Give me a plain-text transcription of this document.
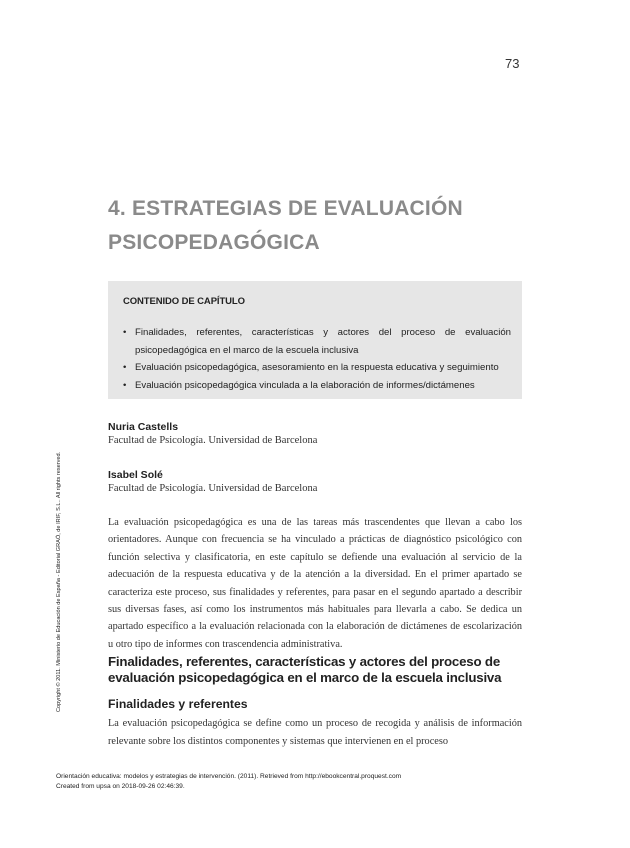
73
4. ESTRATEGIAS DE EVALUACIÓN PSICOPEDAGÓGICA
CONTENIDO DE CAPÍTULO
• Finalidades, referentes, características y actores del proceso de evaluación psicopedagógica en el marco de la escuela inclusiva
• Evaluación psicopedagógica, asesoramiento en la respuesta educativa y seguimiento
• Evaluación psicopedagógica vinculada a la elaboración de informes/dictámenes
Nuria Castells
Facultad de Psicología. Universidad de Barcelona
Isabel Solé
Facultad de Psicología. Universidad de Barcelona

La evaluación psicopedagógica es una de las tareas más trascendentes que llevan a cabo los orientadores. Aunque con frecuencia se ha vinculado a prácticas de diagnóstico psicológico con función selectiva y clasificatoria, en este capítulo se defiende una evaluación al servicio de la adecuación de la respuesta educativa y de la atención a la diversidad. En el primer apartado se caracteriza este proceso, sus finalidades y referentes, para pasar en el segundo apartado a describir sus diversas fases, así como los instrumentos más habituales para llevarla a cabo. Se dedica un apartado específico a la evaluación relacionada con la elaboración de dictámenes de escolarización u otro tipo de informes con trascendencia administrativa.

Finalidades, referentes, características y actores del proceso de evaluación psicopedagógica en el marco de la escuela inclusiva
Finalidades y referentes

La evaluación psicopedagógica se define como un proceso de recogida y análisis de información relevante sobre los distintos componentes y sistemas que intervienen en el proceso

Copyright © 2011. Ministerio de Educación de España - Editorial GRAÓ, de IRIF, S.L.. All rights reserved.
Orientación educativa: modelos y estrategias de intervención. (2011). Retrieved from http://ebookcentral.proquest.com
Created from upsa on 2018-09-26 02:46:39.
